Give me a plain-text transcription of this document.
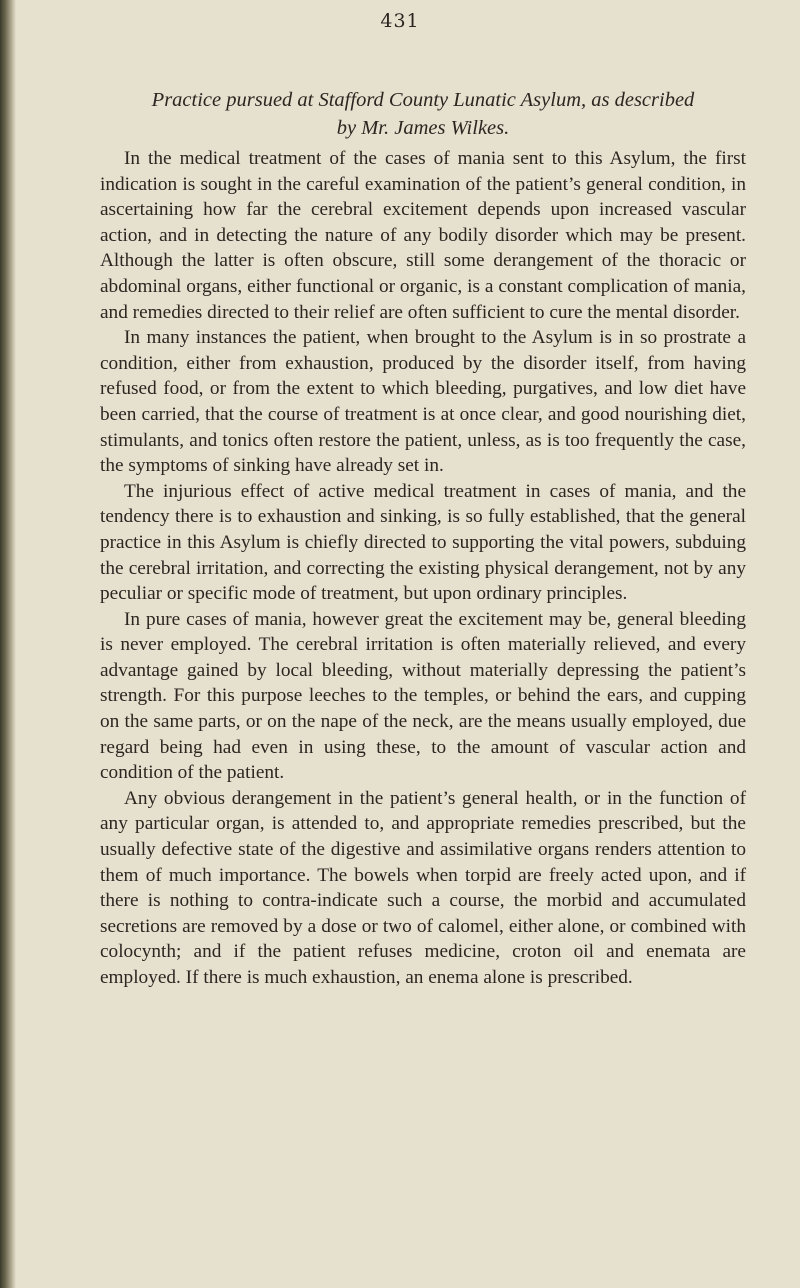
431
Practice pursued at Stafford County Lunatic Asylum, as described
by Mr. James Wilkes.

In the medical treatment of the cases of mania sent to this Asylum, the first indication is sought in the careful examination of the patient’s general condition, in ascertaining how far the cerebral excitement depends upon increased vascular action, and in detecting the nature of any bodily disorder which may be present. Although the latter is often obscure, still some derangement of the thoracic or abdominal organs, either functional or organic, is a constant complication of mania, and remedies directed to their relief are often sufficient to cure the mental disorder.

In many instances the patient, when brought to the Asylum is in so prostrate a condition, either from exhaustion, produced by the disorder itself, from having refused food, or from the extent to which bleeding, purgatives, and low diet have been carried, that the course of treatment is at once clear, and good nourishing diet, stimulants, and tonics often restore the patient, unless, as is too frequently the case, the symptoms of sinking have already set in.

The injurious effect of active medical treatment in cases of mania, and the tendency there is to exhaustion and sinking, is so fully established, that the general practice in this Asylum is chiefly directed to supporting the vital powers, subduing the cerebral irritation, and correcting the existing physical derangement, not by any peculiar or specific mode of treatment, but upon ordinary principles.

In pure cases of mania, however great the excitement may be, general bleeding is never employed. The cerebral irritation is often materially relieved, and every advantage gained by local bleeding, without materially depressing the patient’s strength. For this purpose leeches to the temples, or behind the ears, and cupping on the same parts, or on the nape of the neck, are the means usually employed, due regard being had even in using these, to the amount of vascular action and condition of the patient.

Any obvious derangement in the patient’s general health, or in the function of any particular organ, is attended to, and appropriate remedies prescribed, but the usually defective state of the digestive and assimilative organs renders attention to them of much importance. The bowels when torpid are freely acted upon, and if there is nothing to contra-indicate such a course, the morbid and accumulated secretions are removed by a dose or two of calomel, either alone, or combined with colocynth; and if the patient refuses medicine, croton oil and enemata are employed. If there is much exhaustion, an enema alone is prescribed.
